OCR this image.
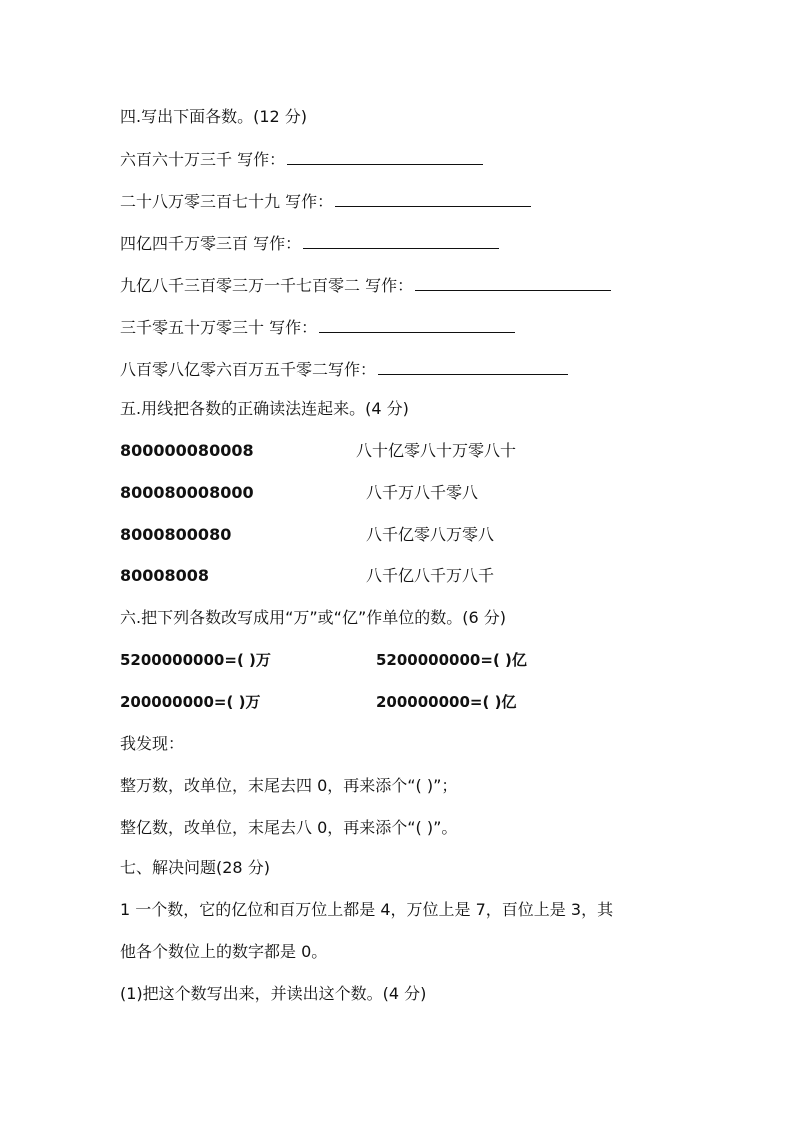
四.写出下面各数。(12 分)
六百六十万三千 写作：
二十八万零三百七十九 写作：
四亿四千万零三百 写作：
九亿八千三百零三万一千七百零二 写作：
三千零五十万零三十 写作：
八百零八亿零六百万五千零二写作：
五.用线把各数的正确读法连起来。(4 分)
800000080008	八十亿零八十万零八十
800080008000	八千万八千零八
8000800080	八千亿零八万零八
80008008	八千亿八千万八千
六.把下列各数改写成用“万”或“亿”作单位的数。(6 分)
5200000000=( )万	5200000000=( )亿
200000000=( )万	200000000=( )亿
我发现：
整万数，改单位，末尾去四 0，再来添个“( )”；
整亿数，改单位，末尾去八 0，再来添个“( )”。
七、解决问题(28 分)
1 一个数，它的亿位和百万位上都是 4，万位上是 7，百位上是 3，其
他各个数位上的数字都是 0。
(1)把这个数写出来，并读出这个数。(4 分)
